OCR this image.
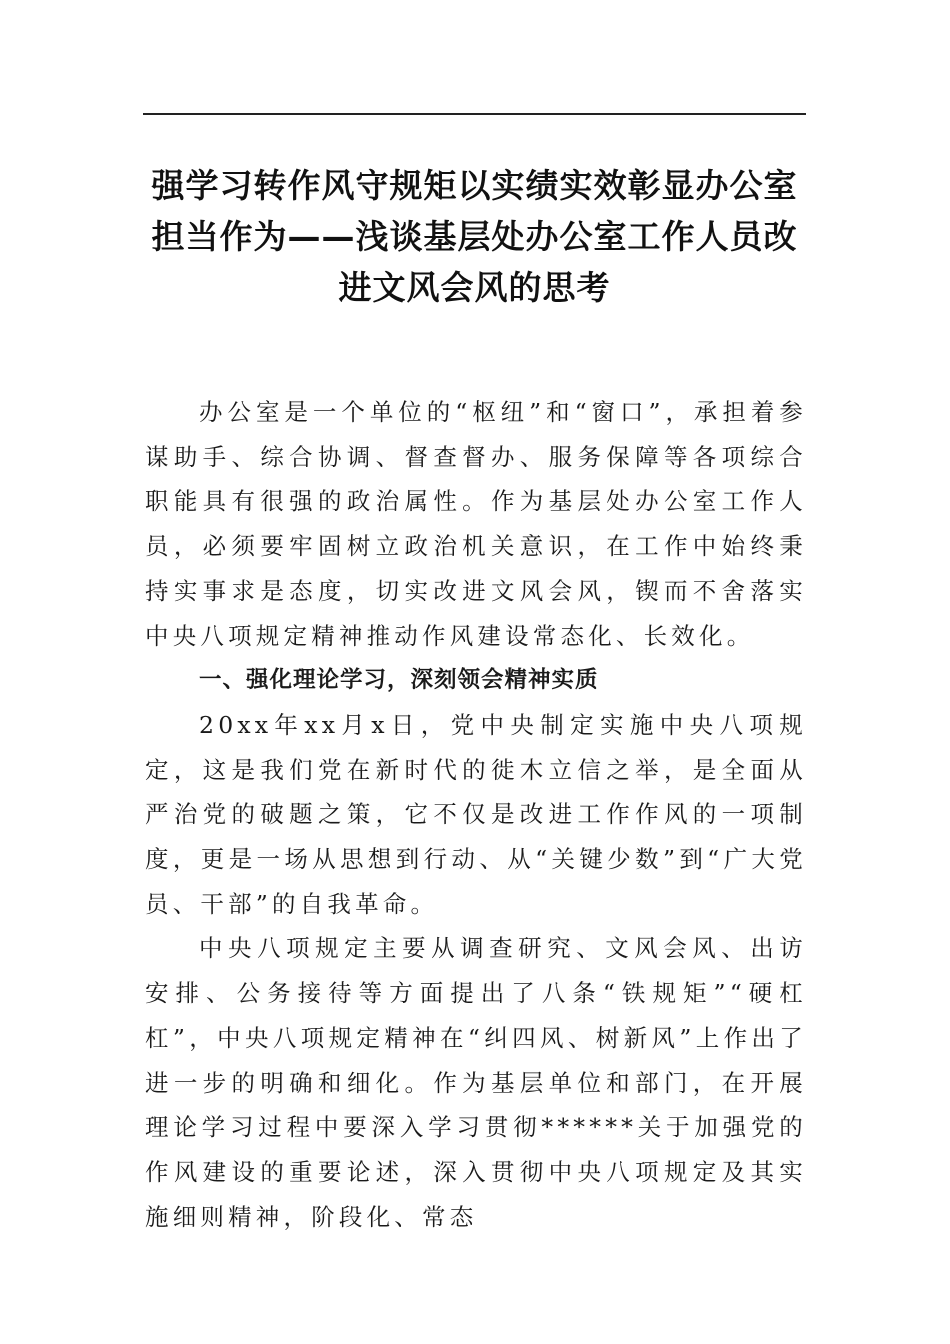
强学习转作风守规矩以实绩实效彰显办公室担当作为——浅谈基层处办公室工作人员改进文风会风的思考

办公室是一个单位的“枢纽”和“窗口”，承担着参谋助手、综合协调、督查督办、服务保障等各项综合职能具有很强的政治属性。作为基层处办公室工作人员，必须要牢固树立政治机关意识，在工作中始终秉持实事求是态度，切实改进文风会风，锲而不舍落实中央八项规定精神推动作风建设常态化、长效化。

一、强化理论学习，深刻领会精神实质

20xx年xx月x日，党中央制定实施中央八项规定，这是我们党在新时代的徙木立信之举，是全面从严治党的破题之策，它不仅是改进工作作风的一项制度，更是一场从思想到行动、从“关键少数”到“广大党员、干部”的自我革命。

中央八项规定主要从调查研究、文风会风、出访安排、公务接待等方面提出了八条“铁规矩”“硬杠杠”，中央八项规定精神在“纠四风、树新风”上作出了进一步的明确和细化。作为基层单位和部门，在开展理论学习过程中要深入学习贯彻******关于加强党的作风建设的重要论述，深入贯彻中央八项规定及其实施细则精神，阶段化、常态
